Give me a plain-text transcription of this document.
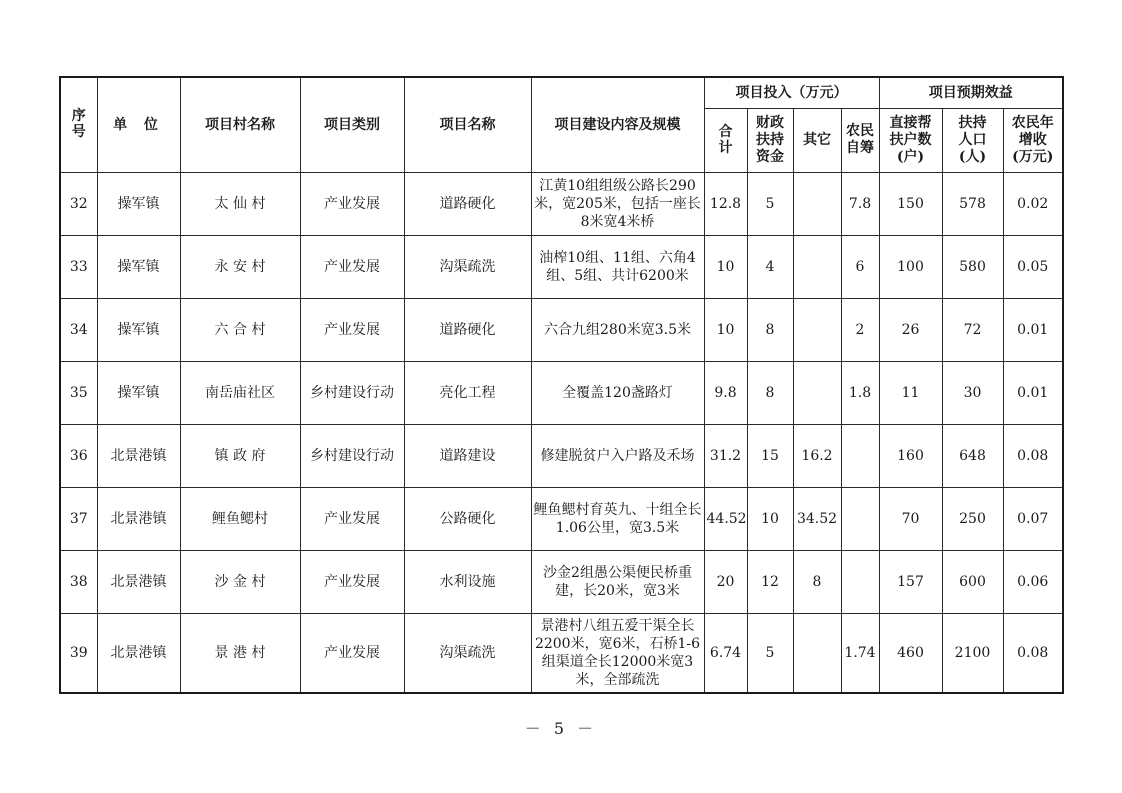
序号	单 位	项目村名称	项目类别	项目名称	项目建设内容及规模	项目投入（万元）				项目预期效益		
						合计	财政扶持资金	其它	农民自筹	直接帮扶户数(户)	扶持人口(人)	农民年增收(万元)
32	操军镇	太 仙 村	产业发展	道路硬化	江黄10组组级公路长290米，宽205米，包括一座长8米宽4米桥	12.8	5		7.8	150	578	0.02
33	操军镇	永 安 村	产业发展	沟渠疏洗	油榨10组、11组、六角4组、5组、共计6200米	10	4		6	100	580	0.05
34	操军镇	六 合 村	产业发展	道路硬化	六合九组280米宽3.5米	10	8		2	26	72	0.01
35	操军镇	南岳庙社区	乡村建设行动	亮化工程	全覆盖120盏路灯	9.8	8		1.8	11	30	0.01
36	北景港镇	镇 政 府	乡村建设行动	道路建设	修建脱贫户入户路及禾场	31.2	15	16.2		160	648	0.08
37	北景港镇	鲤鱼鳃村	产业发展	公路硬化	鲤鱼鳃村育英九、十组全长1.06公里，宽3.5米	44.52	10	34.52		70	250	0.07
38	北景港镇	沙 金 村	产业发展	水利设施	沙金2组愚公渠便民桥重建，长20米，宽3米	20	12	8		157	600	0.06
39	北景港镇	景 港 村	产业发展	沟渠疏洗	景港村八组五爱干渠全长2200米，宽6米，石桥1-6组渠道全长12000米宽3米，全部疏洗	6.74	5		1.74	460	2100	0.08
－ 5 －
